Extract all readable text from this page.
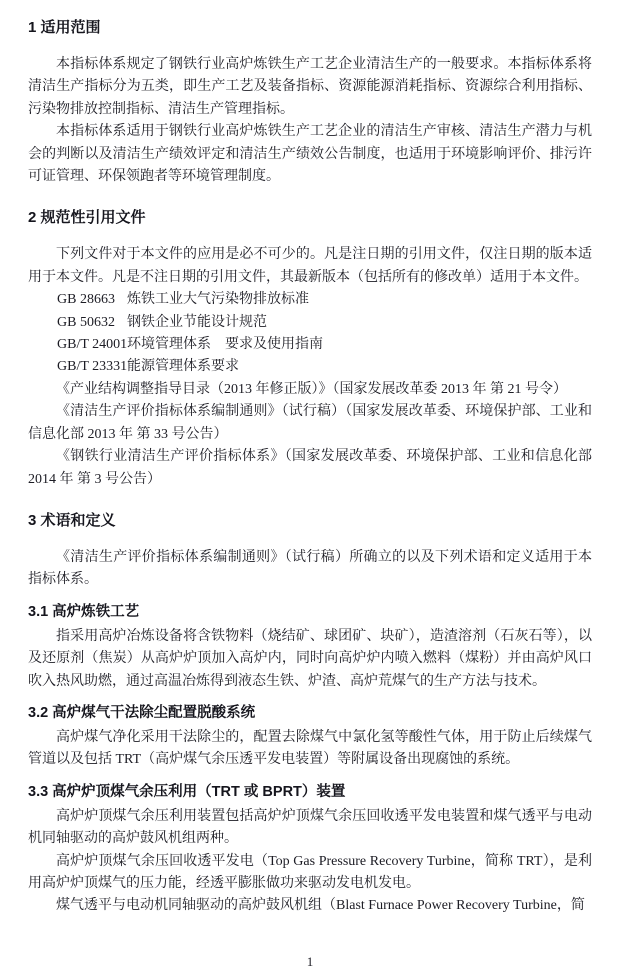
1 适用范围

本指标体系规定了钢铁行业高炉炼铁生产工艺企业清洁生产的一般要求。本指标体系将清洁生产指标分为五类，即生产工艺及装备指标、资源能源消耗指标、资源综合利用指标、污染物排放控制指标、清洁生产管理指标。

本指标体系适用于钢铁行业高炉炼铁生产工艺企业的清洁生产审核、清洁生产潜力与机会的判断以及清洁生产绩效评定和清洁生产绩效公告制度，也适用于环境影响评价、排污许可证管理、环保领跑者等环境管理制度。

2 规范性引用文件

下列文件对于本文件的应用是必不可少的。凡是注日期的引用文件，仅注日期的版本适用于本文件。凡是不注日期的引用文件，其最新版本（包括所有的修改单）适用于本文件。

GB 28663 炼铁工业大气污染物排放标准
GB 50632 钢铁企业节能设计规范
GB/T 24001环境管理体系　要求及使用指南
GB/T 23331能源管理体系要求

《产业结构调整指导目录（2013 年修正版）》（国家发展改革委 2013 年 第 21 号令）

《清洁生产评价指标体系编制通则》（试行稿）（国家发展改革委、环境保护部、工业和信息化部 2013 年 第 33 号公告）

《钢铁行业清洁生产评价指标体系》（国家发展改革委、环境保护部、工业和信息化部 2014 年 第 3 号公告）

3 术语和定义

《清洁生产评价指标体系编制通则》（试行稿）所确立的以及下列术语和定义适用于本指标体系。

3.1 高炉炼铁工艺

指采用高炉冶炼设备将含铁物料（烧结矿、球团矿、块矿），造渣溶剂（石灰石等），以及还原剂（焦炭）从高炉炉顶加入高炉内，同时向高炉炉内喷入燃料（煤粉）并由高炉风口吹入热风助燃，通过高温冶炼得到液态生铁、炉渣、高炉荒煤气的生产方法与技术。

3.2 高炉煤气干法除尘配置脱酸系统

高炉煤气净化采用干法除尘的，配置去除煤气中氯化氢等酸性气体，用于防止后续煤气管道以及包括 TRT（高炉煤气余压透平发电装置）等附属设备出现腐蚀的系统。

3.3 高炉炉顶煤气余压利用（TRT 或 BPRT）装置

高炉炉顶煤气余压利用装置包括高炉炉顶煤气余压回收透平发电装置和煤气透平与电动机同轴驱动的高炉鼓风机组两种。

高炉炉顶煤气余压回收透平发电（Top Gas Pressure Recovery Turbine，简称 TRT），是利用高炉炉顶煤气的压力能，经透平膨胀做功来驱动发电机发电。

煤气透平与电动机同轴驱动的高炉鼓风机组（Blast Furnace Power Recovery Turbine，简

1
